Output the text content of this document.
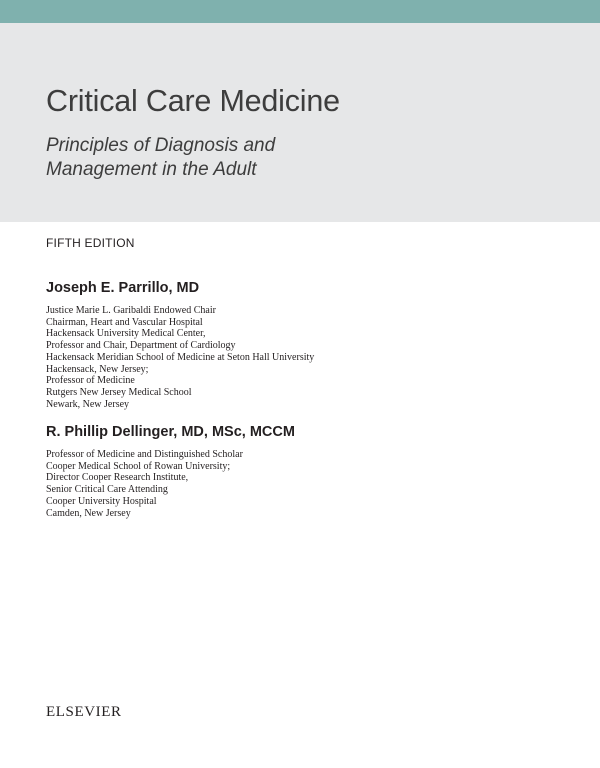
Critical Care Medicine
Principles of Diagnosis and
Management in the Adult
FIFTH EDITION
Joseph E. Parrillo, MD
Justice Marie L. Garibaldi Endowed Chair
Chairman, Heart and Vascular Hospital
Hackensack University Medical Center,
Professor and Chair, Department of Cardiology
Hackensack Meridian School of Medicine at Seton Hall University
Hackensack, New Jersey;
Professor of Medicine
Rutgers New Jersey Medical School
Newark, New Jersey
R. Phillip Dellinger, MD, MSc, MCCM
Professor of Medicine and Distinguished Scholar
Cooper Medical School of Rowan University;
Director Cooper Research Institute,
Senior Critical Care Attending
Cooper University Hospital
Camden, New Jersey
ELSEVIER
